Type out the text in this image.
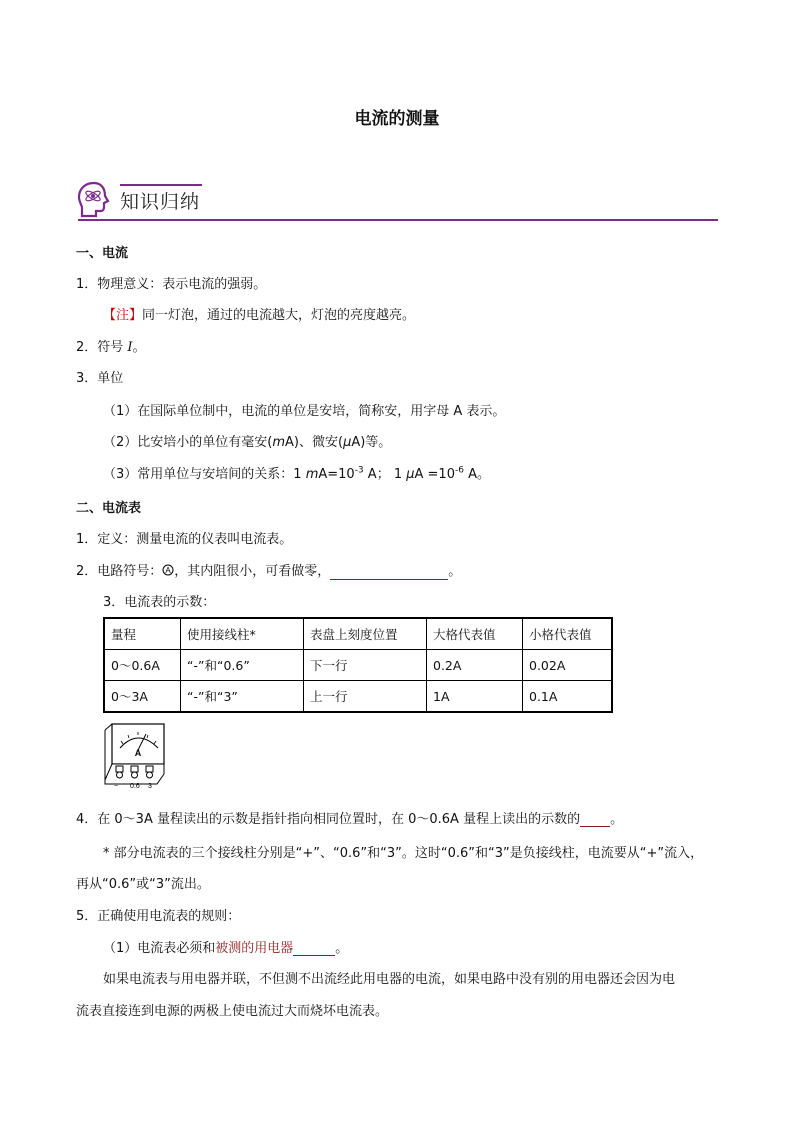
电流的测量
知识归纳
一、电流
1．物理意义：表示电流的强弱。
【注】同一灯泡，通过的电流越大，灯泡的亮度越亮。
2．符号 I。
3．单位
（1）在国际单位制中，电流的单位是安培，简称安，用字母 A 表示。
（2）比安培小的单位有毫安(mA)、微安(μA)等。
（3）常用单位与安培间的关系：1 $mA=10^{-3}$ A； 1 $\mu A =10^{-6}$ A。
二、电流表
1．定义：测量电流的仪表叫电流表。
2．电路符号： A ，其内阻很小，可看做零，	。
3．电流表的示数：
量程	使用接线柱*	表盘上刻度位置	大格代表值	小格代表值
0～0.6A	“-”和“0.6”	下一行	0.2A	0.02A
0～3A	“-”和“3”	上一行	1A	0.1A
A
− 0.6 3
4．在 0～3A 量程读出的示数是指针指向相同位置时，在 0～0.6A 量程上读出的示数的 。
* 部分电流表的三个接线柱分别是“+”、“0.6”和“3”。这时“0.6”和“3”是负接线柱，电流要从“+”流入，
再从“0.6”或“3”流出。
5．正确使用电流表的规则：
（1）电流表必须和被测的用电器	。
如果电流表与用电器并联，不但测不出流经此用电器的电流，如果电路中没有别的用电器还会因为电
流表直接连到电源的两极上使电流过大而烧坏电流表。
